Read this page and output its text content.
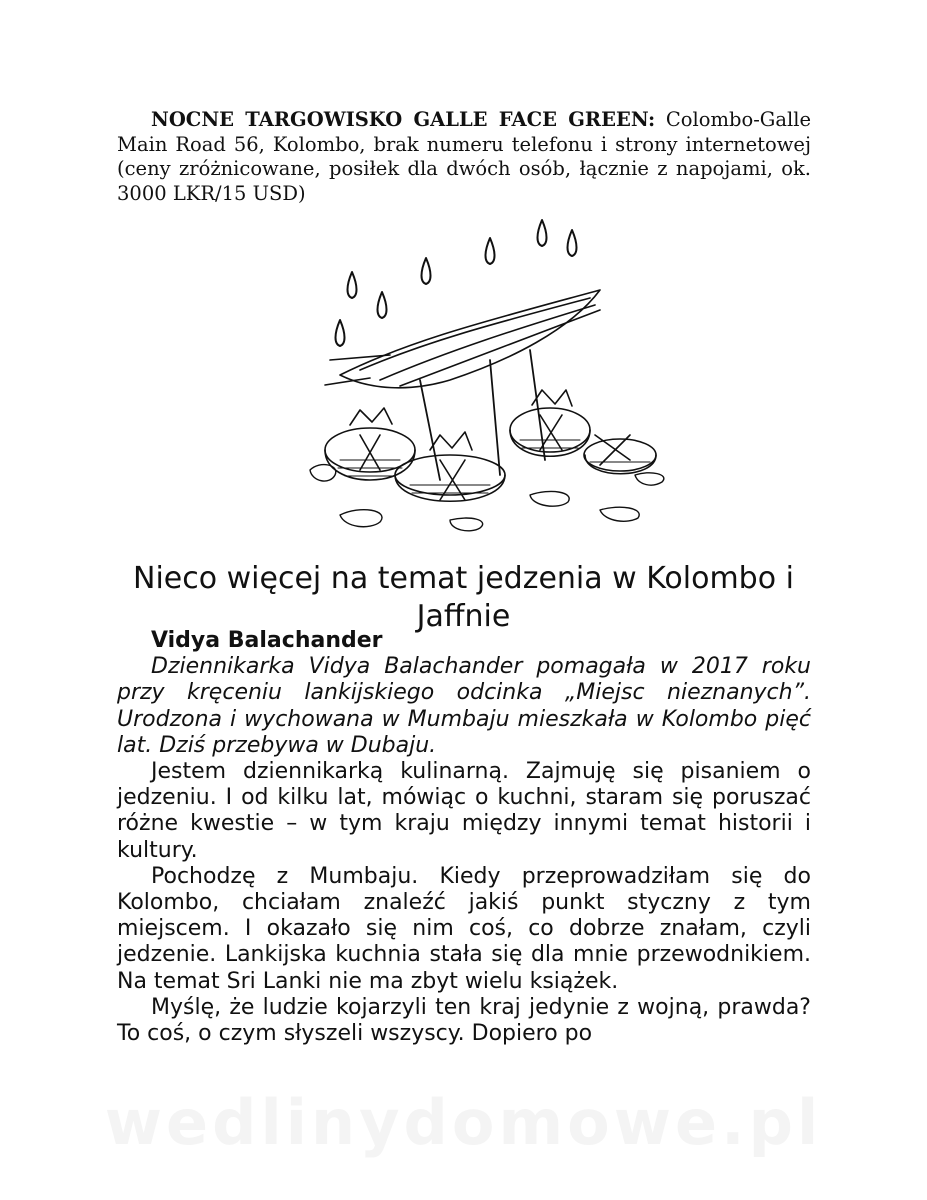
NOCNE TARGOWISKO GALLE FACE GREEN: Colombo-Galle Main Road 56, Kolombo, brak numeru telefonu i strony internetowej (ceny zróżnicowane, posiłek dla dwóch osób, łącznie z napojami, ok. 3000 LKR/15 USD)

Nieco więcej na temat jedzenia w Kolombo i Jaffnie

Vidya Balachander

Dziennikarka Vidya Balachander pomagała w 2017 roku przy kręceniu lankijskiego odcinka „Miejsc nieznanych”. Urodzona i wychowana w Mumbaju mieszkała w Kolombo pięć lat. Dziś przebywa w Dubaju.

Jestem dziennikarką kulinarną. Zajmuję się pisaniem o jedzeniu. I od kilku lat, mówiąc o kuchni, staram się poruszać różne kwestie – w tym kraju między innymi temat historii i kultury.

Pochodzę z Mumbaju. Kiedy przeprowadziłam się do Kolombo, chciałam znaleźć jakiś punkt styczny z tym miejscem. I okazało się nim coś, co dobrze znałam, czyli jedzenie. Lankijska kuchnia stała się dla mnie przewodnikiem. Na temat Sri Lanki nie ma zbyt wielu książek.

Myślę, że ludzie kojarzyli ten kraj jedynie z wojną, prawda? To coś, o czym słyszeli wszyscy. Dopiero po

wedlinydomowe.pl
